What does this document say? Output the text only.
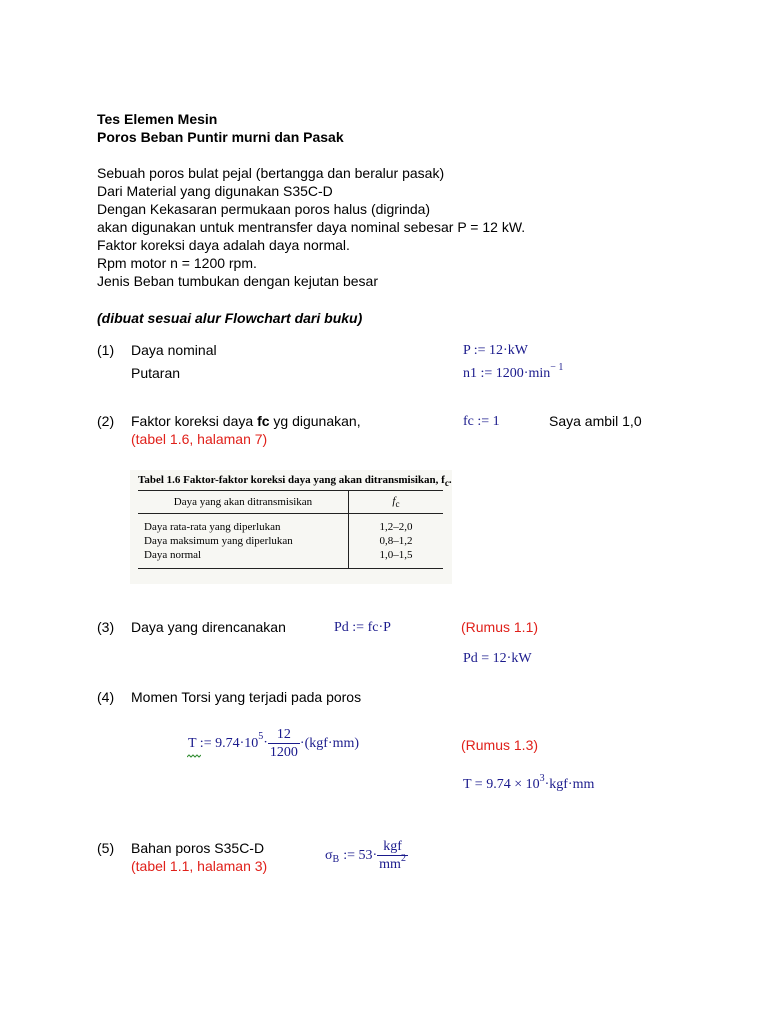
Tes Elemen Mesin
Poros Beban Puntir murni dan Pasak
Sebuah poros bulat pejal (bertangga dan beralur pasak)
Dari Material yang digunakan S35C-D
Dengan Kekasaran permukaan poros halus (digrinda)
akan digunakan untuk mentransfer daya nominal sebesar P = 12 kW.
Faktor koreksi daya adalah daya normal.
Rpm motor n = 1200 rpm.
Jenis Beban tumbukan dengan kejutan besar
(dibuat sesuai alur Flowchart dari buku)
(1) Daya nominal
Putaran
P := 12·kW
n1 := $1200\cdot\min^{- 1}$
(2) Faktor koreksi daya fc yg digunakan,
(tabel 1.6, halaman 7)
fc := 1	Saya ambil 1,0
Tabel 1.6 Faktor-faktor koreksi daya yang akan ditransmisikan, $f_c$.
Daya yang akan ditransmisikan	$f_c$
Daya rata-rata yang diperlukan	1,2–2,0
Daya maksimum yang diperlukan	0,8–1,2
Daya normal	1,0–1,5
(3) Daya yang direncanakan	Pd := fc·P	(Rumus 1.1)
Pd = 12·kW
(4) Momen Torsi yang terjadi pada poros
T := $9.74\cdot 10^5\cdot \frac{12}{1200} \cdot(kgf\cdot mm)$	(Rumus 1.3)
$T = 9.74 \times 10^3\cdot kgf\cdot mm$
(5) Bahan poros S35C-D
(tabel 1.1, halaman 3)
$\sigma_B$ := $53\cdot \frac{\text{kgf}}{mm^2}$
